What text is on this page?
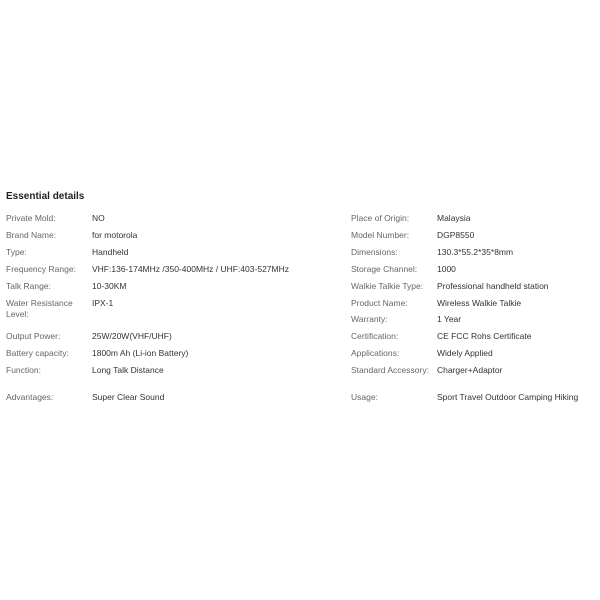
Essential details
Private Mold:	NO
Brand Name:	for motorola
Type:	Handheld
Frequency Range:	VHF:136-174MHz /350-400MHz / UHF:403-527MHz
Talk Range:	10-30KM
Water Resistance Level:
IPX-1
Output Power:	25W/20W(VHF/UHF)
Battery capacity:	1800m Ah (Li-ion Battery)
Function:	Long Talk Distance
Advantages:	Super Clear Sound
Place of Origin:	Malaysia
Model Number:	DGP8550
Dimensions:	130.3*55.2*35*8mm
Storage Channel:	1000
Walkie Talkie Type:	Professional handheld station
Product Name:	Wireless Walkie Talkie
Warranty:	1 Year
Certification:	CE FCC Rohs Certificate
Applications:	Widely Applied
Standard Accessory: Charger+Adaptor
Usage:	Sport Travel Outdoor Camping Hiking
